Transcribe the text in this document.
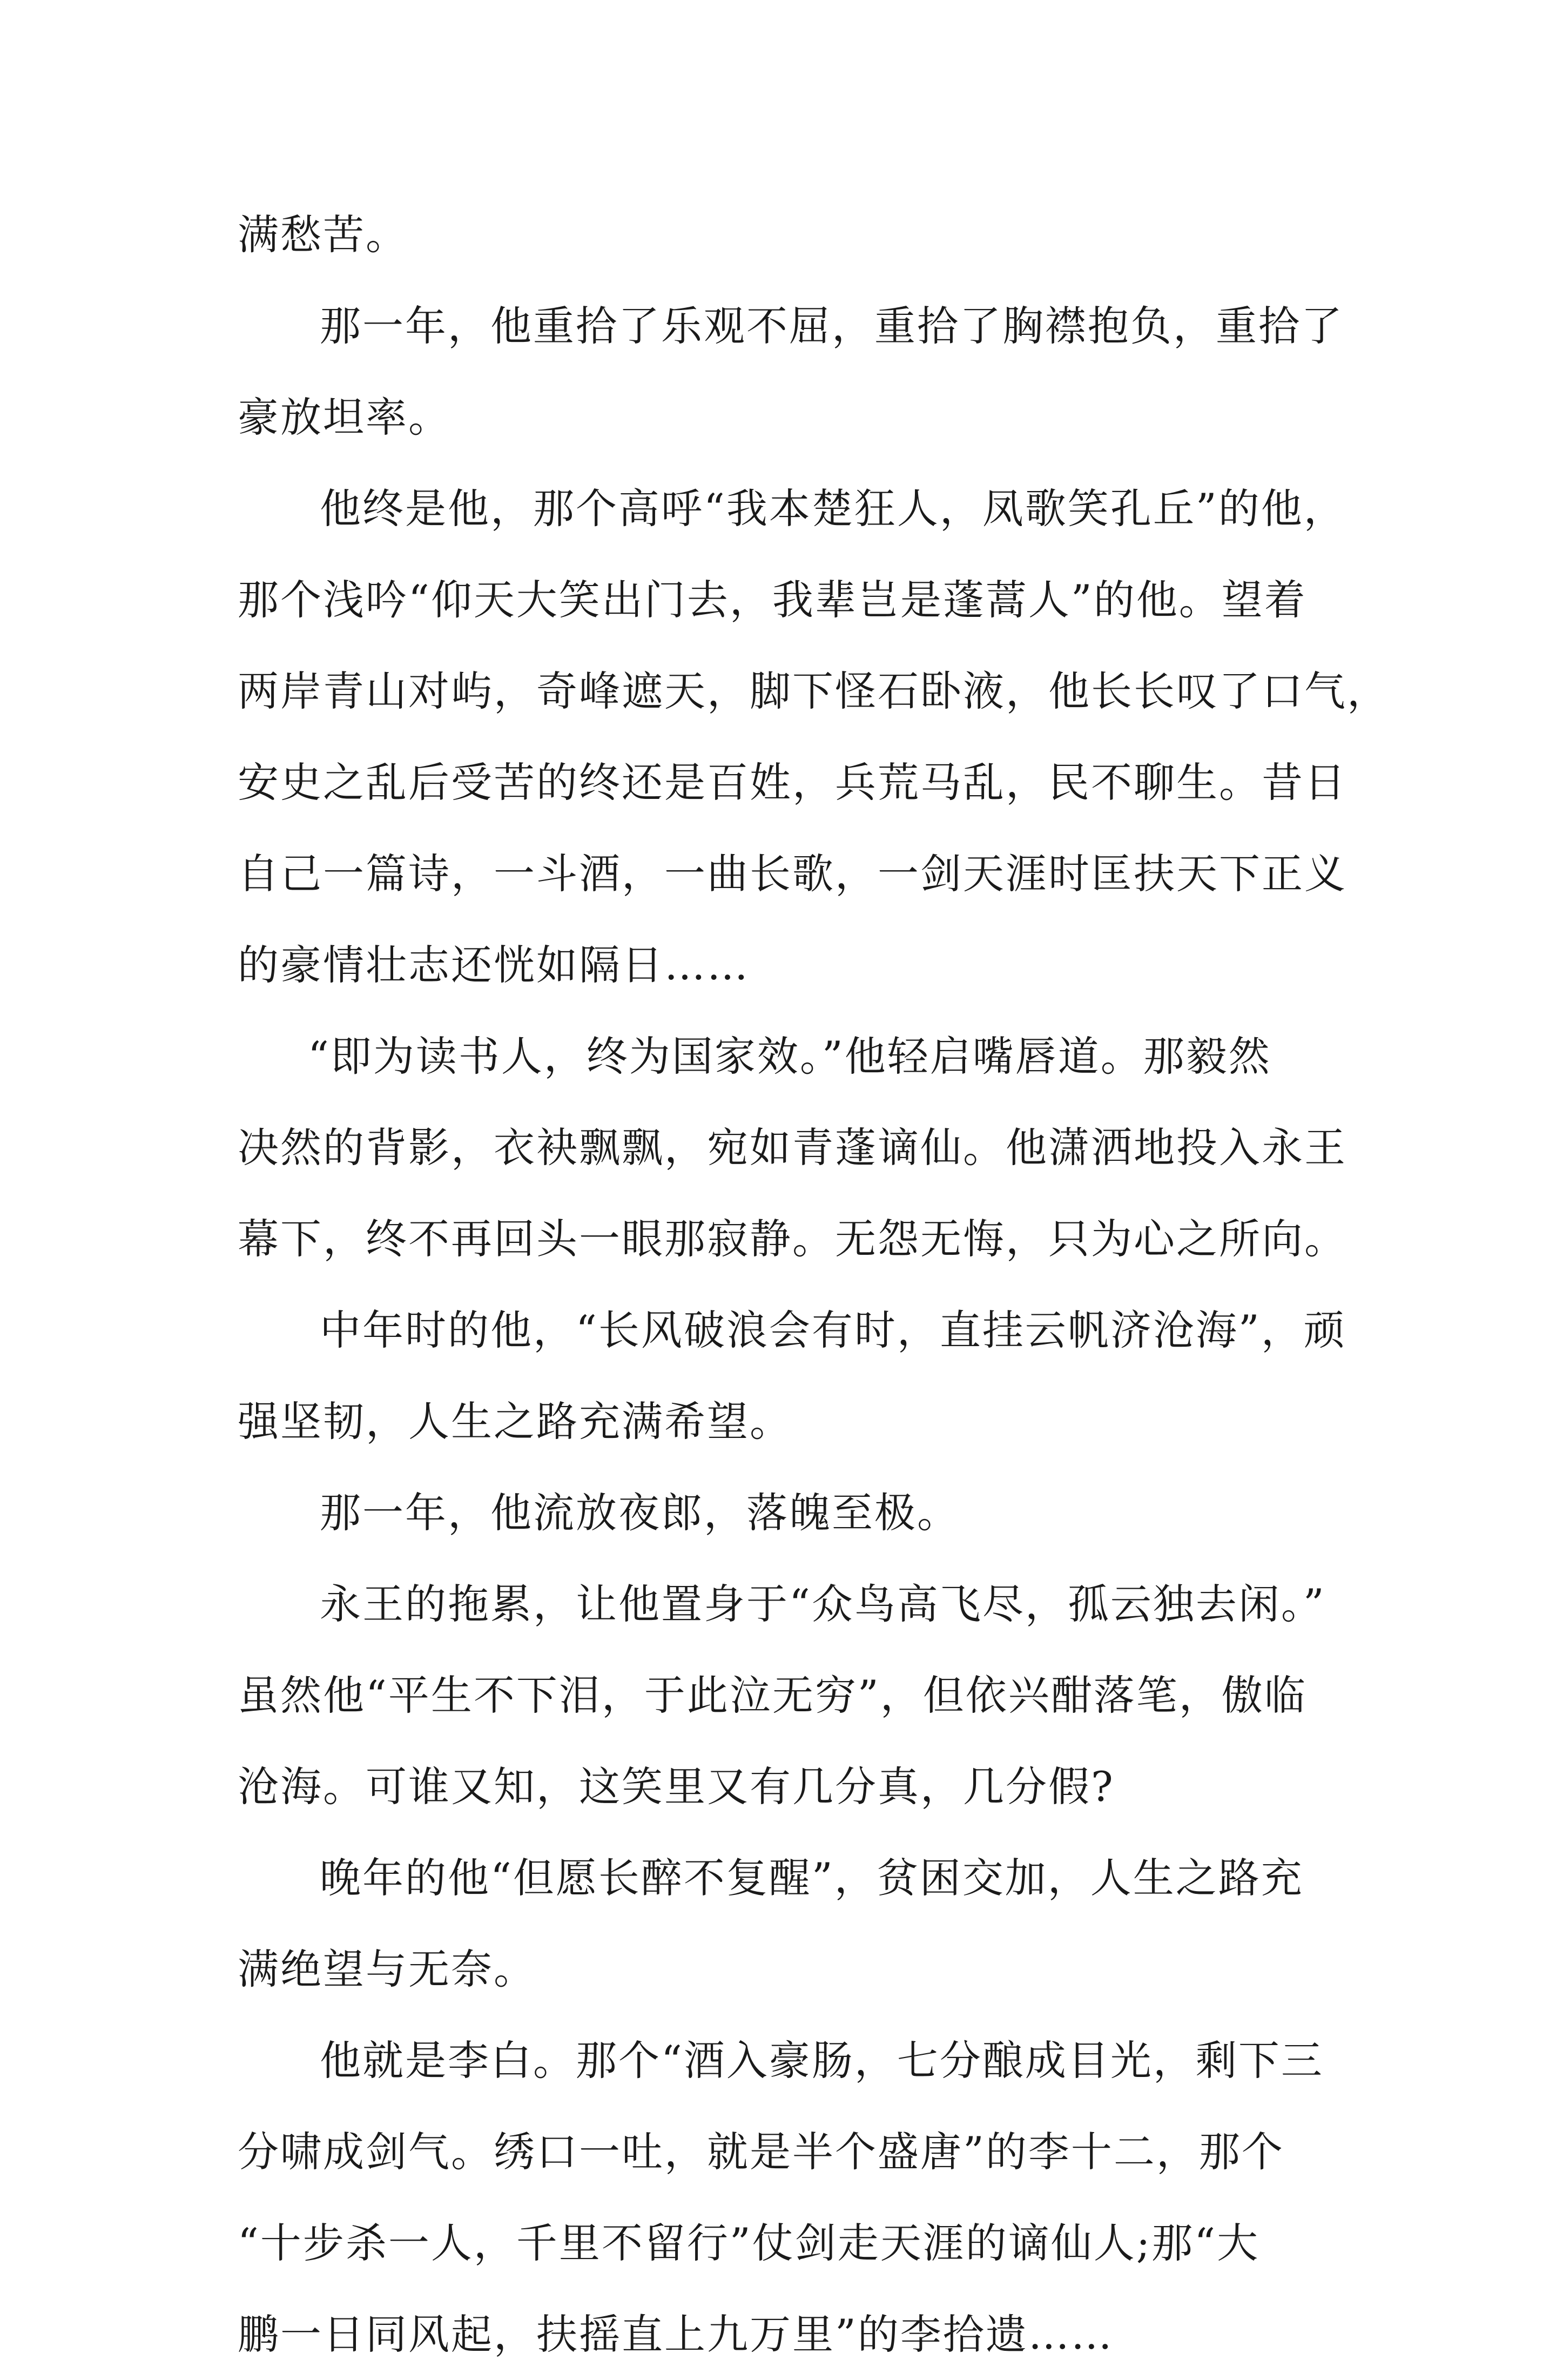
满愁苦。

那一年，他重拾了乐观不屈，重拾了胸襟抱负，重拾了

豪放坦率。

他终是他，那个高呼“我本楚狂人，凤歌笑孔丘”的他，

那个浅吟“仰天大笑出门去，我辈岂是蓬蒿人”的他。望着

两岸青山对屿，奇峰遮天，脚下怪石卧液，他长长叹了口气，

安史之乱后受苦的终还是百姓，兵荒马乱，民不聊生。昔日

自己一篇诗，一斗酒，一曲长歌，一剑天涯时匡扶天下正义

的豪情壮志还恍如隔日……

“即为读书人，终为国家效。”他轻启嘴唇道。那毅然

决然的背影，衣袂飘飘，宛如青蓬谪仙。他潇洒地投入永王

幕下，终不再回头一眼那寂静。无怨无悔，只为心之所向。

中年时的他，“长风破浪会有时，直挂云帆济沧海”，顽

强坚韧，人生之路充满希望。

那一年，他流放夜郎，落魄至极。

永王的拖累，让他置身于“众鸟高飞尽，孤云独去闲。”

虽然他“平生不下泪，于此泣无穷”，但依兴酣落笔，傲临

沧海。可谁又知，这笑里又有几分真，几分假?

晚年的他“但愿长醉不复醒”，贫困交加，人生之路充

满绝望与无奈。

他就是李白。那个“酒入豪肠，七分酿成目光，剩下三

分啸成剑气。绣口一吐，就是半个盛唐”的李十二，那个

“十步杀一人，千里不留行”仗剑走天涯的谪仙人;那“大

鹏一日同风起，扶摇直上九万里”的李拾遗……
